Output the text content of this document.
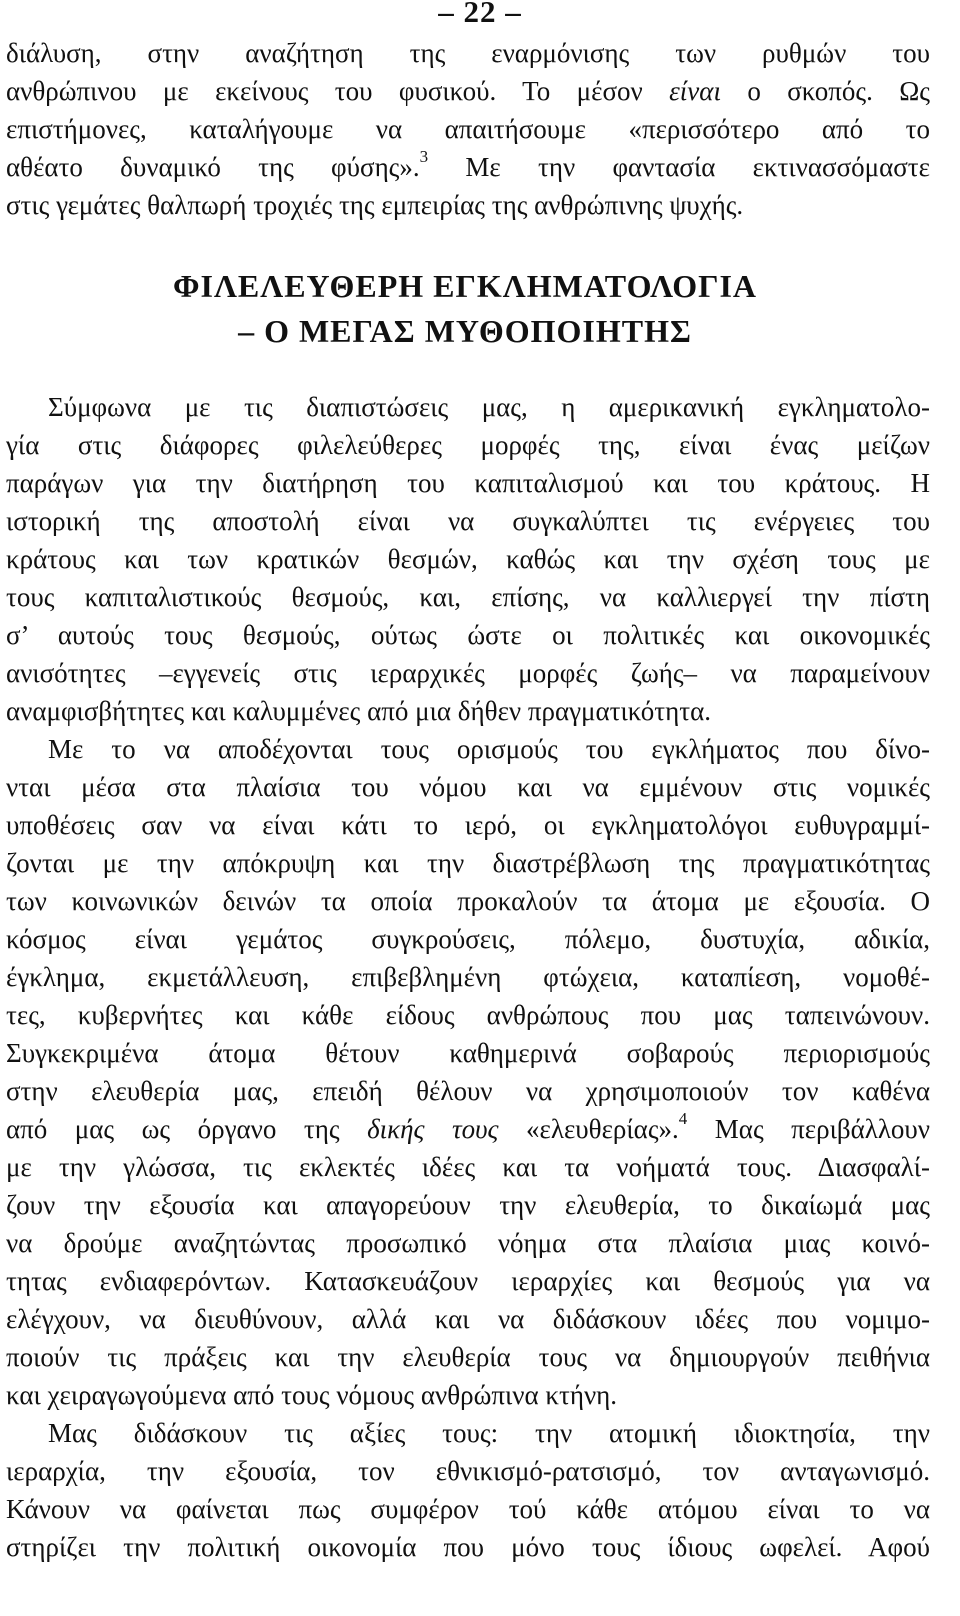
– 22 –
διάλυση, στην αναζήτηση της εναρμόνισης των ρυθμών του
ανθρώπινου με εκείνους του φυσικού. Το μέσον είναι ο σκοπός. Ως
επιστήμονες, καταλήγουμε να απαιτήσουμε «περισσότερο από το
αθέατο δυναμικό της φύσης».$^3$ Με την φαντασία εκτινασσόμαστε
στις γεμάτες θαλπωρή τροχιές της εμπειρίας της ανθρώπινης ψυχής.
ΦΙΛΕΛΕΥΘΕΡΗ ΕΓΚΛΗΜΑΤΟΛΟΓΙΑ
– Ο ΜΕΓΑΣ ΜΥΘΟΠΟΙΗΤΗΣ
Σύμφωνα με τις διαπιστώσεις μας, η αμερικανική εγκληματολο-
γία στις διάφορες φιλελεύθερες μορφές της, είναι ένας μείζων
παράγων για την διατήρηση του καπιταλισμού και του κράτους. Η
ιστορική της αποστολή είναι να συγκαλύπτει τις ενέργειες του
κράτους και των κρατικών θεσμών, καθώς και την σχέση τους με
τους καπιταλιστικούς θεσμούς, και, επίσης, να καλλιεργεί την πίστη
σ’ αυτούς τους θεσμούς, ούτως ώστε οι πολιτικές και οικονομικές
ανισότητες –εγγενείς στις ιεραρχικές μορφές ζωής– να παραμείνουν
αναμφισβήτητες και καλυμμένες από μια δήθεν πραγματικότητα.
Με το να αποδέχονται τους ορισμούς του εγκλήματος που δίνο-
νται μέσα στα πλαίσια του νόμου και να εμμένουν στις νομικές
υποθέσεις σαν να είναι κάτι το ιερό, οι εγκληματολόγοι ευθυγραμμί-
ζονται με την απόκρυψη και την διαστρέβλωση της πραγματικότητας
των κοινωνικών δεινών τα οποία προκαλούν τα άτομα με εξουσία. Ο
κόσμος είναι γεμάτος συγκρούσεις, πόλεμο, δυστυχία, αδικία,
έγκλημα, εκμετάλλευση, επιβεβλημένη φτώχεια, καταπίεση, νομοθέ-
τες, κυβερνήτες και κάθε είδους ανθρώπους που μας ταπεινώνουν.
Συγκεκριμένα άτομα θέτουν καθημερινά σοβαρούς περιορισμούς
στην ελευθερία μας, επειδή θέλουν να χρησιμοποιούν τον καθένα
από μας ως όργανο της δικής τους «ελευθερίας».$^4$ Μας περιβάλλουν
με την γλώσσα, τις εκλεκτές ιδέες και τα νοήματά τους. Διασφαλί-
ζουν την εξουσία και απαγορεύουν την ελευθερία, το δικαίωμά μας
να δρούμε αναζητώντας προσωπικό νόημα στα πλαίσια μιας κοινό-
τητας ενδιαφερόντων. Κατασκευάζουν ιεραρχίες και θεσμούς για να
ελέγχουν, να διευθύνουν, αλλά και να διδάσκουν ιδέες που νομιμο-
ποιούν τις πράξεις και την ελευθερία τους να δημιουργούν πειθήνια
και χειραγωγούμενα από τους νόμους ανθρώπινα κτήνη.
Μας διδάσκουν τις αξίες τους: την ατομική ιδιοκτησία, την
ιεραρχία, την εξουσία, τον εθνικισμό-ρατσισμό, τον ανταγωνισμό.
Κάνουν να φαίνεται πως συμφέρον τού κάθε ατόμου είναι το να
στηρίζει την πολιτική οικονομία που μόνο τους ίδιους ωφελεί. Αφού
